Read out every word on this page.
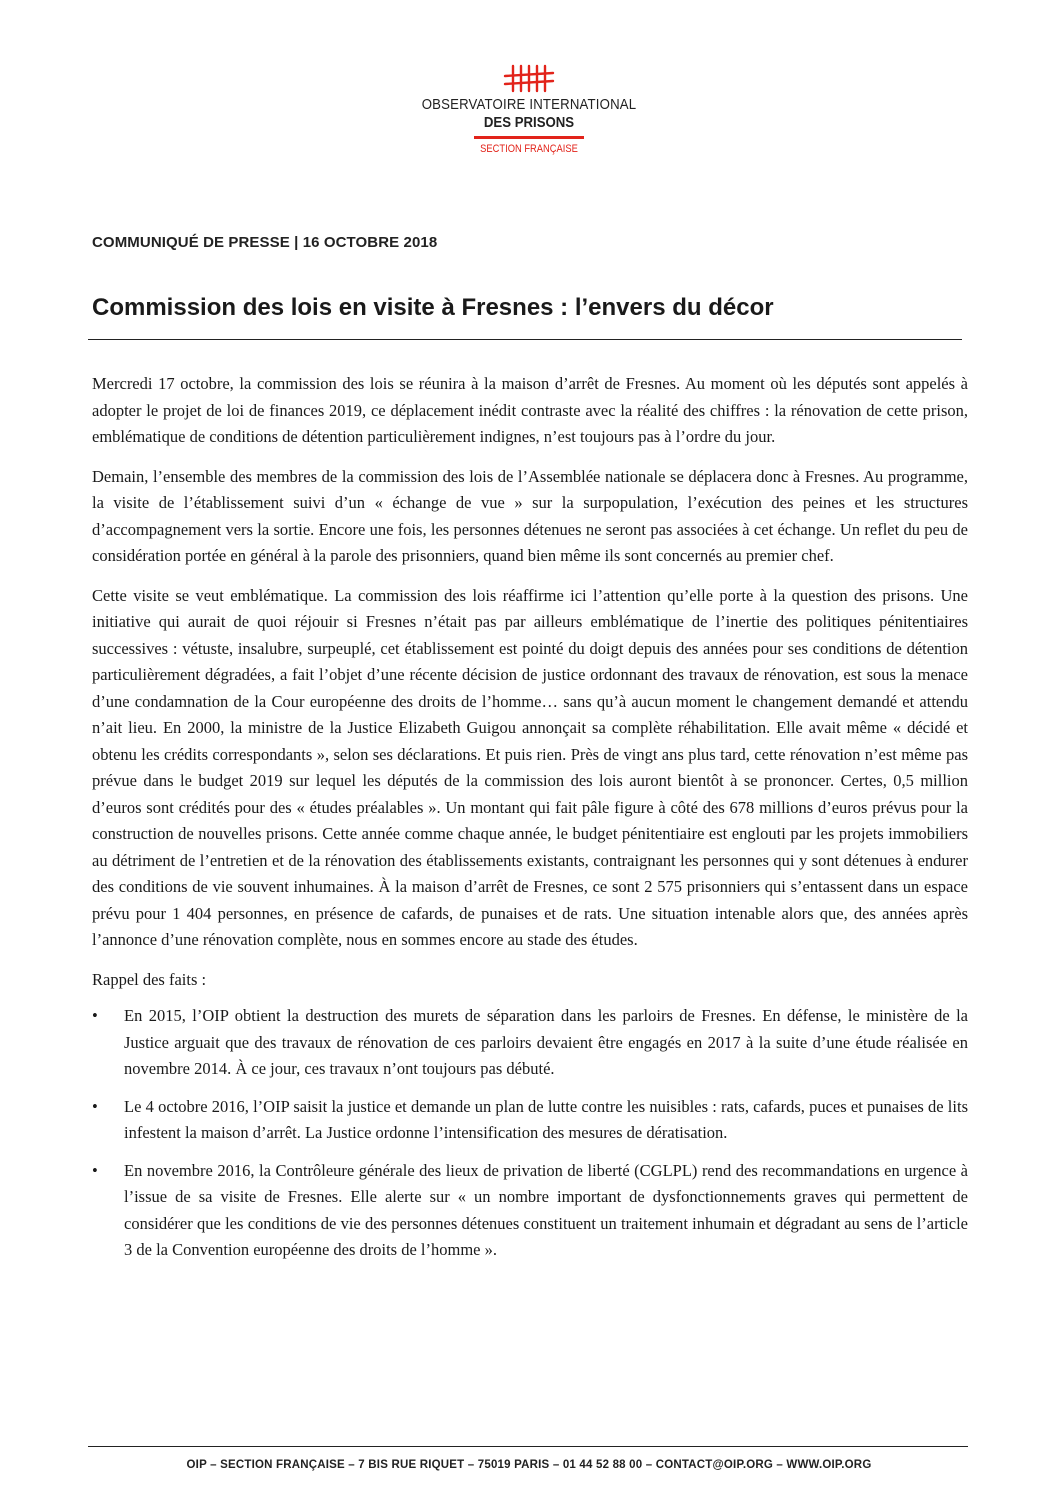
OBSERVATOIRE INTERNATIONAL
DES PRISONS
SECTION FRANÇAISE
COMMUNIQUÉ DE PRESSE | 16 OCTOBRE 2018
Commission des lois en visite à Fresnes : l’envers du décor

Mercredi 17 octobre, la commission des lois se réunira à la maison d’arrêt de Fresnes. Au moment où les députés sont appelés à adopter le projet de loi de finances 2019, ce déplacement inédit contraste avec la réalité des chiffres : la rénovation de cette prison, emblématique de conditions de détention particulièrement indignes, n’est toujours pas à l’ordre du jour.

Demain, l’ensemble des membres de la commission des lois de l’Assemblée nationale se déplacera donc à Fresnes. Au programme, la visite de l’établissement suivi d’un « échange de vue » sur la surpopulation, l’exécution des peines et les structures d’accompagnement vers la sortie. Encore une fois, les personnes détenues ne seront pas associées à cet échange. Un reflet du peu de considération portée en général à la parole des prisonniers, quand bien même ils sont concernés au premier chef.

Cette visite se veut emblématique. La commission des lois réaffirme ici l’attention qu’elle porte à la question des prisons. Une initiative qui aurait de quoi réjouir si Fresnes n’était pas par ailleurs emblématique de l’inertie des politiques pénitentiaires successives : vétuste, insalubre, surpeuplé, cet établissement est pointé du doigt depuis des années pour ses conditions de détention particulièrement dégradées, a fait l’objet d’une récente décision de justice ordonnant des travaux de rénovation, est sous la menace d’une condamnation de la Cour européenne des droits de l’homme… sans qu’à aucun moment le changement demandé et attendu n’ait lieu. En 2000, la ministre de la Justice Elizabeth Guigou annonçait sa complète réhabilitation. Elle avait même « décidé et obtenu les crédits correspondants », selon ses déclarations. Et puis rien. Près de vingt ans plus tard, cette rénovation n’est même pas prévue dans le budget 2019 sur lequel les députés de la commission des lois auront bientôt à se prononcer. Certes, 0,5 million d’euros sont crédités pour des « études préalables ». Un montant qui fait pâle figure à côté des 678 millions d’euros prévus pour la construction de nouvelles prisons. Cette année comme chaque année, le budget pénitentiaire est englouti par les projets immobiliers au détriment de l’entretien et de la rénovation des établissements existants, contraignant les personnes qui y sont détenues à endurer des conditions de vie souvent inhumaines. À la maison d’arrêt de Fresnes, ce sont 2 575 prisonniers qui s’entassent dans un espace prévu pour 1 404 personnes, en présence de cafards, de punaises et de rats. Une situation intenable alors que, des années après l’annonce d’une rénovation complète, nous en sommes encore au stade des études.

Rappel des faits :

• En 2015, l’OIP obtient la destruction des murets de séparation dans les parloirs de Fresnes. En défense, le ministère de la Justice arguait que des travaux de rénovation de ces parloirs devaient être engagés en 2017 à la suite d’une étude réalisée en novembre 2014. À ce jour, ces travaux n’ont toujours pas débuté.
• Le 4 octobre 2016, l’OIP saisit la justice et demande un plan de lutte contre les nuisibles : rats, cafards, puces et punaises de lits infestent la maison d’arrêt. La Justice ordonne l’intensification des mesures de dératisation.
• En novembre 2016, la Contrôleure générale des lieux de privation de liberté (CGLPL) rend des recommandations en urgence à l’issue de sa visite de Fresnes. Elle alerte sur « un nombre important de dysfonctionnements graves qui permettent de considérer que les conditions de vie des personnes détenues constituent un traitement inhumain et dégradant au sens de l’article 3 de la Convention européenne des droits de l’homme ».
OIP – SECTION FRANÇAISE – 7 BIS RUE RIQUET – 75019 PARIS – 01 44 52 88 00 – CONTACT@OIP.ORG – WWW.OIP.ORG
